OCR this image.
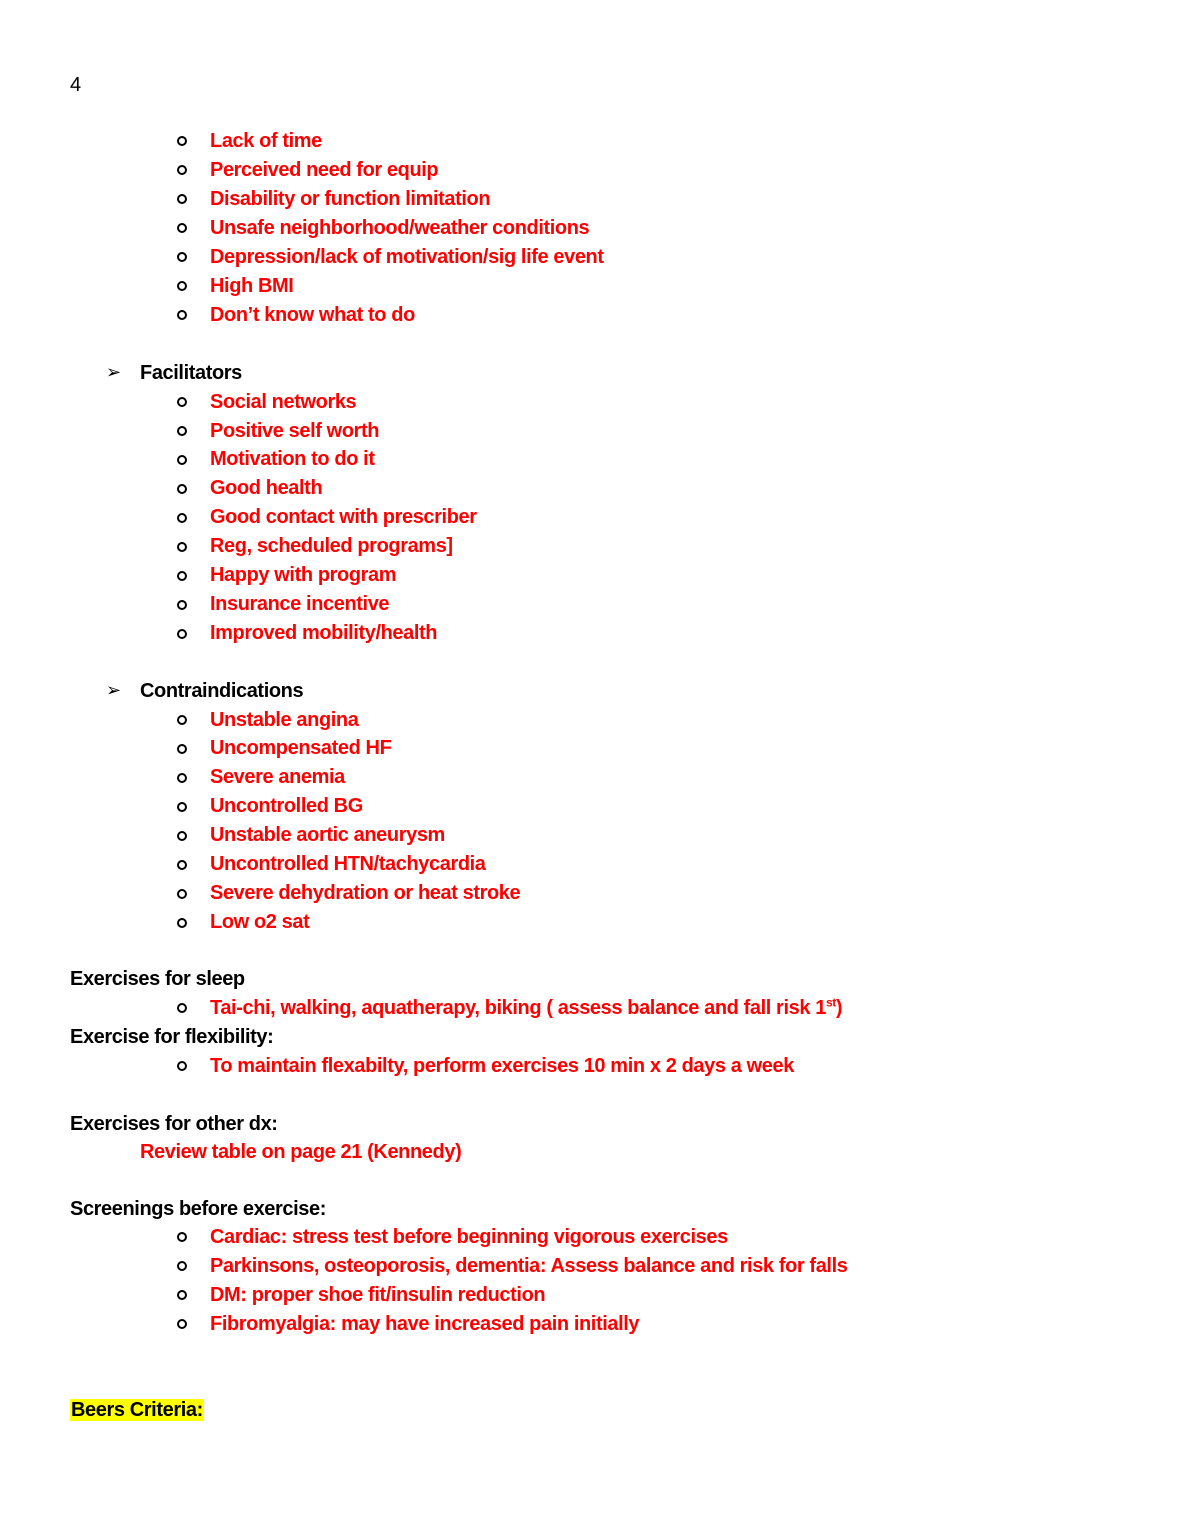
4
Lack of time
Perceived need for equip
Disability or function limitation
Unsafe neighborhood/weather conditions
Depression/lack of motivation/sig life event
High BMI
Don’t know what to do
➢ Facilitators
Social networks
Positive self worth
Motivation to do it
Good health
Good contact with prescriber
Reg, scheduled programs]
Happy with program
Insurance incentive
Improved mobility/health
➢ Contraindications
Unstable angina
Uncompensated HF
Severe anemia
Uncontrolled BG
Unstable aortic aneurysm
Uncontrolled HTN/tachycardia
Severe dehydration or heat stroke
Low o2 sat
Exercises for sleep
Tai-chi, walking, aquatherapy, biking ( assess balance and fall risk 1st)
Exercise for flexibility:
To maintain flexabilty, perform exercises 10 min x 2 days a week
Exercises for other dx:
Review table on page 21 (Kennedy)
Screenings before exercise:
Cardiac: stress test before beginning vigorous exercises
Parkinsons, osteoporosis, dementia: Assess balance and risk for falls
DM: proper shoe fit/insulin reduction
Fibromyalgia: may have increased pain initially
Beers Criteria:
